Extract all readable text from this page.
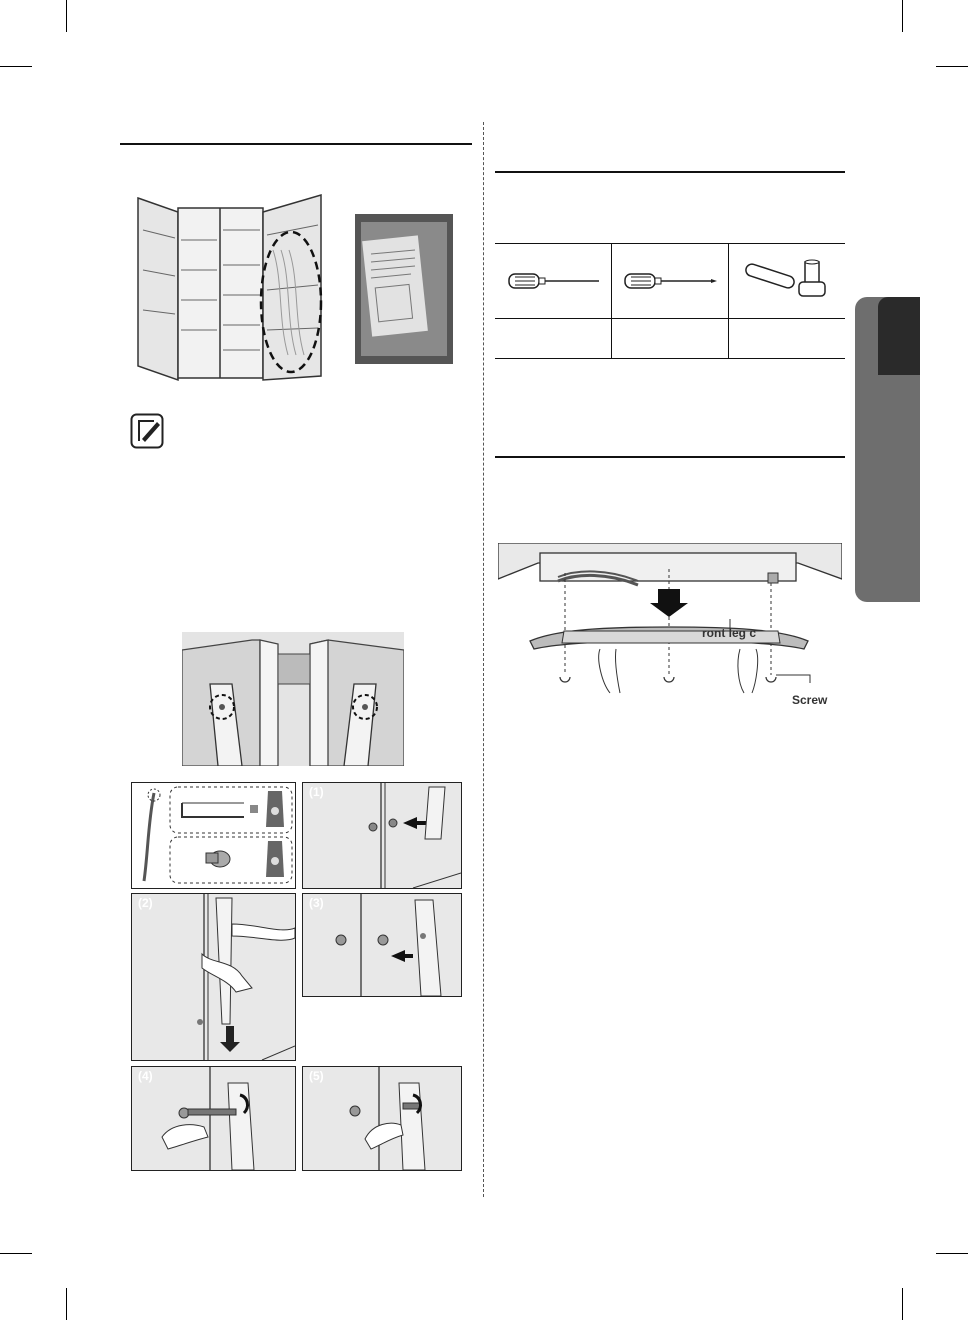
(1)
(2)	(3)
(4)	(5)
ront leg c
Screw
